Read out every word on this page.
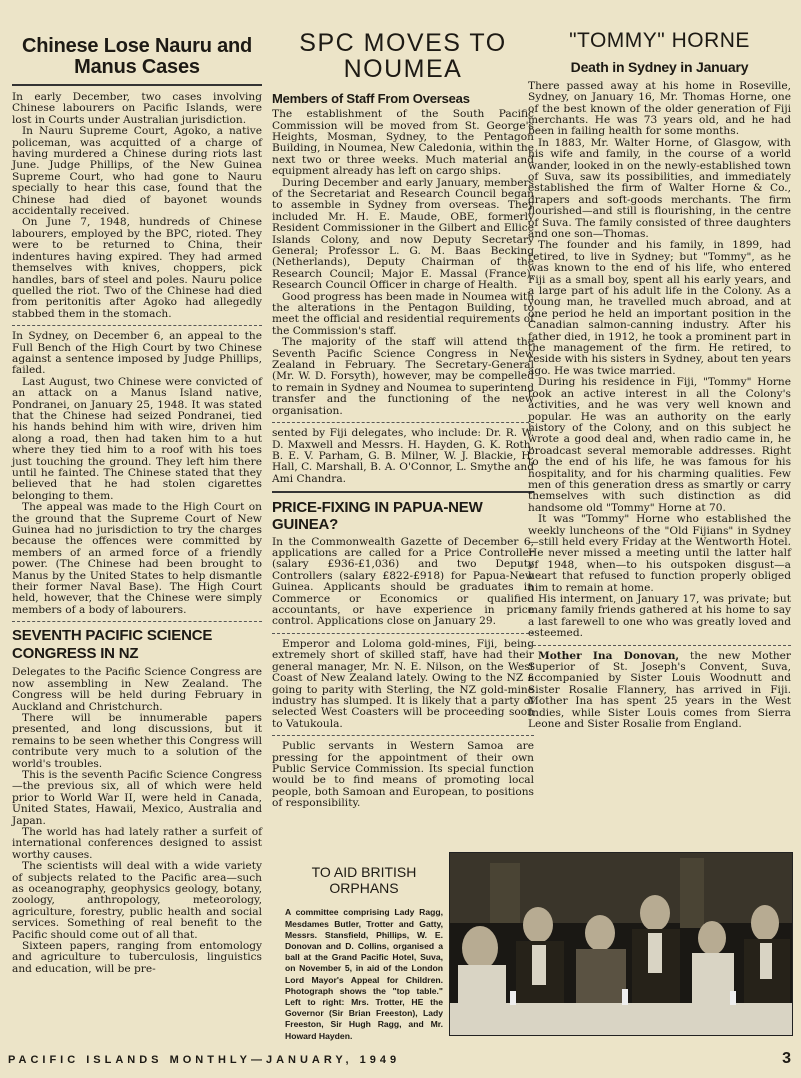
Chinese Lose Nauru and Manus Cases

In early December, two cases involving Chinese labourers on Pacific Islands, were lost in Courts under Australian jurisdiction.

In Nauru Supreme Court, Agoko, a native policeman, was acquitted of a charge of having murdered a Chinese during riots last June. Judge Phillips, of the New Guinea Supreme Court, who had gone to Nauru specially to hear this case, found that the Chinese had died of bayonet wounds accidentally received.

On June 7, 1948, hundreds of Chinese labourers, employed by the BPC, rioted. They were to be returned to China, their indentures having expired. They had armed themselves with knives, choppers, pick handles, bars of steel and poles. Nauru police quelled the riot. Two of the Chinese had died from peritonitis after Agoko had allegedly stabbed them in the stomach.

In Sydney, on December 6, an appeal to the Full Bench of the High Court by two Chinese against a sentence imposed by Judge Phillips, failed.

Last August, two Chinese were convicted of an attack on a Manus Island native, Pondranei, on January 25, 1948. It was stated that the Chinese had seized Pondranei, tied his hands behind him with wire, driven him along a road, then had taken him to a hut where they tied him to a roof with his toes just touching the ground. They left him there until he fainted. The Chinese stated that they believed that he had stolen cigarettes belonging to them.

The appeal was made to the High Court on the ground that the Supreme Court of New Guinea had no jurisdiction to try the charges because the offences were committed by members of an armed force of a friendly power. (The Chinese had been brought to Manus by the United States to help dismantle their former Naval Base). The High Court held, however, that the Chinese were simply members of a body of labourers.

SEVENTH PACIFIC SCIENCE CONGRESS IN NZ

Delegates to the Pacific Science Congress are now assembling in New Zealand. The Congress will be held during February in Auckland and Christchurch.

There will be innumerable papers presented, and long discussions, but it remains to be seen whether this Congress will contribute very much to a solution of the world's troubles.

This is the seventh Pacific Science Congress—the previous six, all of which were held prior to World War II, were held in Canada, United States, Hawaii, Mexico, Australia and Japan.

The world has had lately rather a surfeit of international conferences designed to assist worthy causes.

The scientists will deal with a wide variety of subjects related to the Pacific area—such as oceanography, geophysics geology, botany, zoology, anthropology, meteorology, agriculture, forestry, public health and social services. Something of real benefit to the Pacific should come out of all that.

Sixteen papers, ranging from entomology and agriculture to tuberculosis, linguistics and education, will be pre-

SPC MOVES TO NOUMEA
Members of Staff From Overseas

The establishment of the South Pacific Commission will be moved from St. George's Heights, Mosman, Sydney, to the Pentagon Building, in Noumea, New Caledonia, within the next two or three weeks. Much material and equipment already has left on cargo ships.

During December and early January, members of the Secretariat and Research Council began to assemble in Sydney from overseas. They included Mr. H. E. Maude, OBE, formerly Resident Commissioner in the Gilbert and Ellice Islands Colony, and now Deputy Secretary General; Professor L. G. M. Baas Becking (Netherlands), Deputy Chairman of the Research Council; Major E. Massal (France), Research Council Officer in charge of Health.

Good progress has been made in Noumea with the alterations in the Pentagon Building, to meet the official and residential requirements of the Commission's staff.

The majority of the staff will attend the Seventh Pacific Science Congress in New Zealand in February. The Secretary-General (Mr. W. D. Forsyth), however, may be compelled to remain in Sydney and Noumea to superintend transfer and the functioning of the new organisation.

sented by Fiji delegates, who include: Dr. R. W. D. Maxwell and Messrs. H. Hayden, G. K. Roth, B. E. V. Parham, G. B. Milner, W. J. Blackie, H. Hall, C. Marshall, B. A. O'Connor, L. Smythe and Ami Chandra.

PRICE-FIXING IN PAPUA-NEW GUINEA?

In the Commonwealth Gazette of December 6, applications are called for a Price Controller (salary £936-£1,036) and two Deputy Controllers (salary £822-£918) for Papua-New Guinea. Applicants should be graduates in Commerce or Economics or qualified accountants, or have experience in price control. Applications close on January 29.

Emperor and Loloma gold-mines, Fiji, being extremely short of skilled staff, have had their general manager, Mr. N. E. Nilson, on the West Coast of New Zealand lately. Owing to the NZ £ going to parity with Sterling, the NZ gold-mine industry has slumped. It is likely that a party of selected West Coasters will be proceeding soon to Vatukoula.

Public servants in Western Samoa are pressing for the appointment of their own Public Service Commission. Its special function would be to find means of promoting local people, both Samoan and European, to positions of responsibility.

"TOMMY" HORNE
Death in Sydney in January

There passed away at his home in Roseville, Sydney, on January 16, Mr. Thomas Horne, one of the best known of the older generation of Fiji merchants. He was 73 years old, and he had been in failing health for some months.

In 1883, Mr. Walter Horne, of Glasgow, with his wife and family, in the course of a world wander, looked in on the newly-established town of Suva, saw its possibilities, and immediately established the firm of Walter Horne & Co., drapers and soft-goods merchants. The firm flourished—and still is flourishing, in the centre of Suva. The family consisted of three daughters and one son—Thomas.

The founder and his family, in 1899, had retired, to live in Sydney; but "Tommy", as he was known to the end of his life, who entered Fiji as a small boy, spent all his early years, and a large part of his adult life in the Colony. As a young man, he travelled much abroad, and at one period he held an important position in the Canadian salmon-canning industry. After his father died, in 1912, he took a prominent part in the management of the firm. He retired, to reside with his sisters in Sydney, about ten years ago. He was twice married.

During his residence in Fiji, "Tommy" Horne took an active interest in all the Colony's activities, and he was very well known and popular. He was an authority on the early history of the Colony, and on this subject he wrote a good deal and, when radio came in, he broadcast several memorable addresses. Right to the end of his life, he was famous for his hospitality, and for his charming qualities. Few men of this generation dress as smartly or carry themselves with such distinction as did handsome old "Tommy" Horne at 70.

It was "Tommy" Horne who established the weekly luncheons of the "Old Fijians" in Sydney—still held every Friday at the Wentworth Hotel. He never missed a meeting until the latter half of 1948, when—to his outspoken disgust—a heart that refused to function properly obliged him to remain at home.

His interment, on January 17, was private; but many family friends gathered at his home to say a last farewell to one who was greatly loved and esteemed.

Mother Ina Donovan, the new Mother Superior of St. Joseph's Convent, Suva, accompanied by Sister Louis Woodnutt and Sister Rosalie Flannery, has arrived in Fiji. Mother Ina has spent 25 years in the West Indies, while Sister Louis comes from Sierra Leone and Sister Rosalie from England.

TO AID BRITISH ORPHANS
A committee comprising Lady Ragg, Mesdames Butler, Trotter and Gatty, Messrs. Stansfield, Phillips, W. E. Donovan and D. Collins, organised a ball at the Grand Pacific Hotel, Suva, on November 5, in aid of the London Lord Mayor's Appeal for Children. Photograph shows the "top table." Left to right: Mrs. Trotter, HE the Governor (Sir Brian Freeston), Lady Freeston, Sir Hugh Ragg, and Mr. Howard Hayden.
PACIFIC ISLANDS MONTHLY—JANUARY, 1949	3
